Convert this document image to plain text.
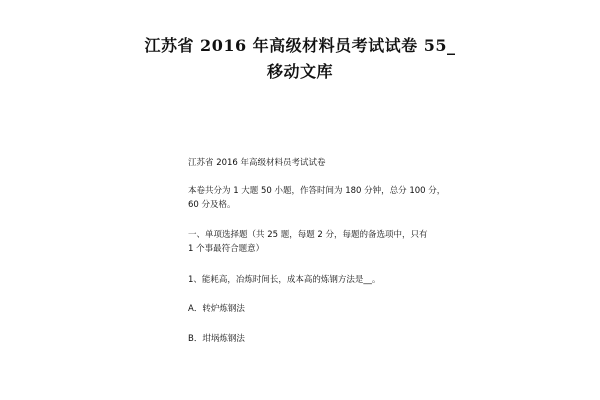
江苏省 2016 年高级材料员考试试卷 55_
移动文库

江苏省 2016 年高级材料员考试试卷

本卷共分为 1 大题 50 小题，作答时间为 180 分钟，总分 100 分，

60 分及格。

一、单项选择题（共 25 题，每题 2 分，每题的备选项中，只有

1 个事最符合题意）

1、能耗高，冶炼时间长，成本高的炼钢方法是__。

A．转炉炼钢法

B．坩埚炼钢法
